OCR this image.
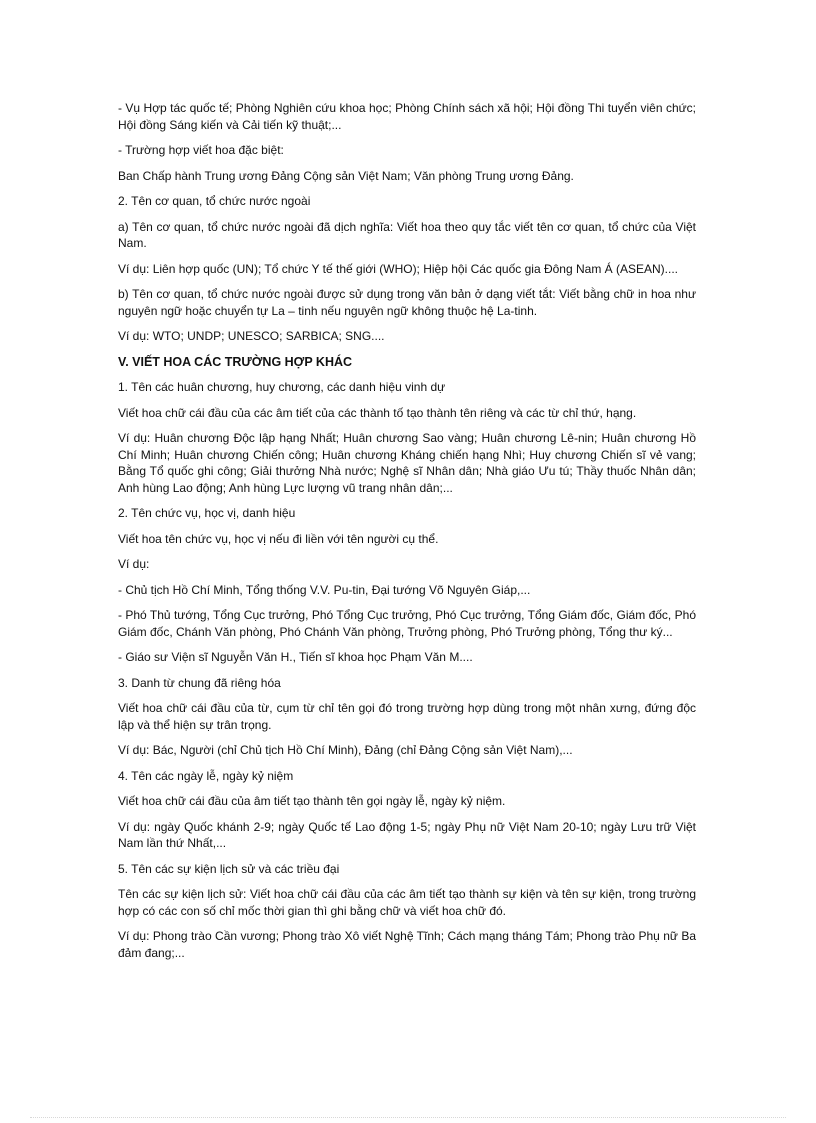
- Vụ Hợp tác quốc tế; Phòng Nghiên cứu khoa học; Phòng Chính sách xã hội; Hội đồng Thi tuyển viên chức; Hội đồng Sáng kiến và Cải tiến kỹ thuật;...

- Trường hợp viết hoa đặc biệt:

Ban Chấp hành Trung ương Đảng Cộng sản Việt Nam; Văn phòng Trung ương Đảng.

2. Tên cơ quan, tổ chức nước ngoài

a) Tên cơ quan, tổ chức nước ngoài đã dịch nghĩa: Viết hoa theo quy tắc viết tên cơ quan, tổ chức của Việt Nam.

Ví dụ: Liên hợp quốc (UN); Tổ chức Y tế thế giới (WHO); Hiệp hội Các quốc gia Đông Nam Á (ASEAN)....

b) Tên cơ quan, tổ chức nước ngoài được sử dụng trong văn bản ở dạng viết tắt: Viết bằng chữ in hoa như nguyên ngữ hoặc chuyển tự La – tinh nếu nguyên ngữ không thuộc hệ La-tinh.

Ví dụ: WTO; UNDP; UNESCO; SARBICA; SNG....

V. VIẾT HOA CÁC TRƯỜNG HỢP KHÁC

1. Tên các huân chương, huy chương, các danh hiệu vinh dự

Viết hoa chữ cái đầu của các âm tiết của các thành tố tạo thành tên riêng và các từ chỉ thứ, hạng.

Ví dụ: Huân chương Độc lập hạng Nhất; Huân chương Sao vàng; Huân chương Lê-nin; Huân chương Hồ Chí Minh; Huân chương Chiến công; Huân chương Kháng chiến hạng Nhì; Huy chương Chiến sĩ vẻ vang; Bằng Tổ quốc ghi công; Giải thưởng Nhà nước; Nghệ sĩ Nhân dân; Nhà giáo Ưu tú; Thầy thuốc Nhân dân; Anh hùng Lao động; Anh hùng Lực lượng vũ trang nhân dân;...

2. Tên chức vụ, học vị, danh hiệu

Viết hoa tên chức vụ, học vị nếu đi liền với tên người cụ thể.

Ví dụ:

- Chủ tịch Hồ Chí Minh, Tổng thống V.V. Pu-tin, Đại tướng Võ Nguyên Giáp,...

- Phó Thủ tướng, Tổng Cục trưởng, Phó Tổng Cục trưởng, Phó Cục trưởng, Tổng Giám đốc, Giám đốc, Phó Giám đốc, Chánh Văn phòng, Phó Chánh Văn phòng, Trưởng phòng, Phó Trưởng phòng, Tổng thư ký...

- Giáo sư Viện sĩ Nguyễn Văn H., Tiến sĩ khoa học Phạm Văn M....

3. Danh từ chung đã riêng hóa

Viết hoa chữ cái đầu của từ, cụm từ chỉ tên gọi đó trong trường hợp dùng trong một nhân xưng, đứng độc lập và thể hiện sự trân trọng.

Ví dụ: Bác, Người (chỉ Chủ tịch Hồ Chí Minh), Đảng (chỉ Đảng Cộng sản Việt Nam),...

4. Tên các ngày lễ, ngày kỷ niệm

Viết hoa chữ cái đầu của âm tiết tạo thành tên gọi ngày lễ, ngày kỷ niệm.

Ví dụ: ngày Quốc khánh 2-9; ngày Quốc tế Lao động 1-5; ngày Phụ nữ Việt Nam 20-10; ngày Lưu trữ Việt Nam lần thứ Nhất,...

5. Tên các sự kiện lịch sử và các triều đại

Tên các sự kiện lịch sử: Viết hoa chữ cái đầu của các âm tiết tạo thành sự kiện và tên sự kiện, trong trường hợp có các con số chỉ mốc thời gian thì ghi bằng chữ và viết hoa chữ đó.

Ví dụ: Phong trào Cần vương; Phong trào Xô viết Nghệ Tĩnh; Cách mạng tháng Tám; Phong trào Phụ nữ Ba đảm đang;...
